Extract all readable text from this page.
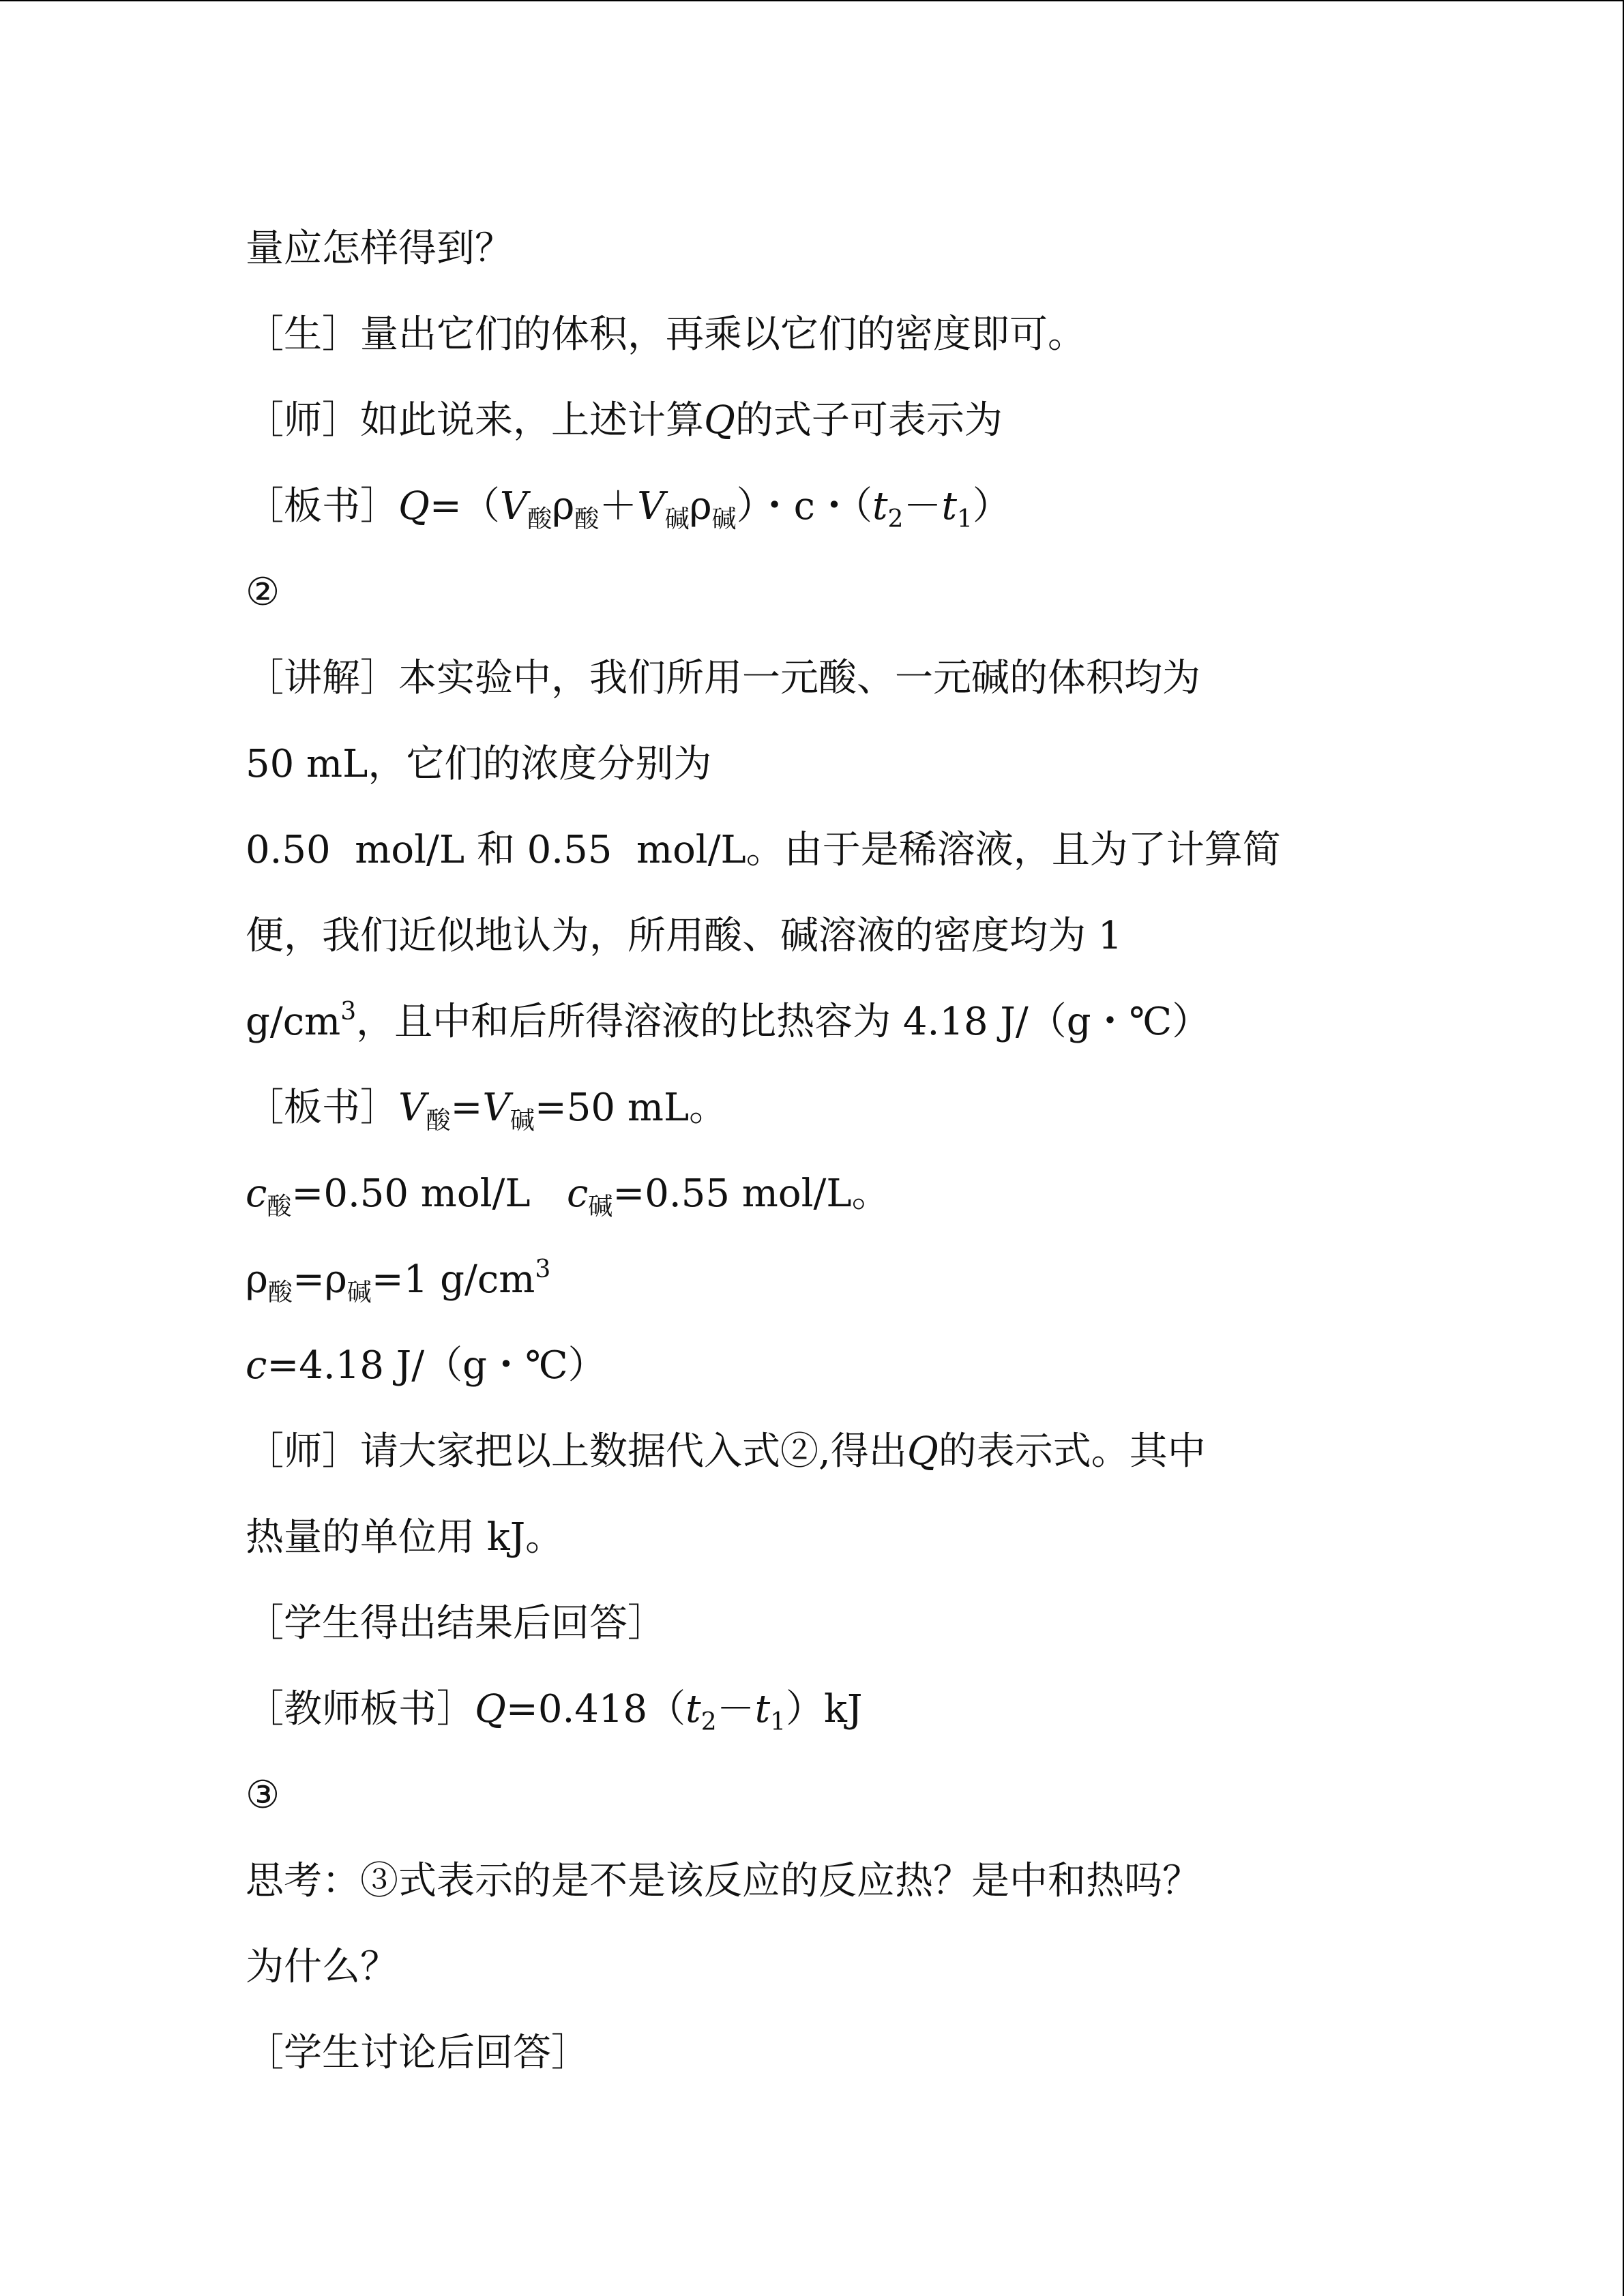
量应怎样得到？
［生］量出它们的体积，再乘以它们的密度即可。
［师］如此说来，上述计算Q的式子可表示为
［板书$]Q=(V_酸\rho_酸+V_碱\rho_碱)$・c・$(t_2-t_1)$
②
［讲解］本实验中，我们所用一元酸、一元碱的体积均为
50 mL，它们的浓度分别为
0.50  mol/L 和 0.55  mol/L。由于是稀溶液，且为了计算简
便，我们近似地认为，所用酸、碱溶液的密度均为 1
$g/cm^3$，且中和后所得溶液的比热容为 4.18 J/（g・℃）
［板书$]V_酸=V_碱=50$ mL。
$c_酸=0.50$ mol/L   $c_碱=0.55$ mol/L。
$\rho_酸=\rho_碱=1$ $g/cm^3$
c=4.18 J/（g・℃）
［师］请大家把以上数据代入式②,得出Q的表示式。其中
热量的单位用 kJ。
［学生得出结果后回答］
［教师板书$]Q=0.418(t_2-t_1)kJ$
③
思考：③式表示的是不是该反应的反应热？是中和热吗？
为什么？
［学生讨论后回答］
